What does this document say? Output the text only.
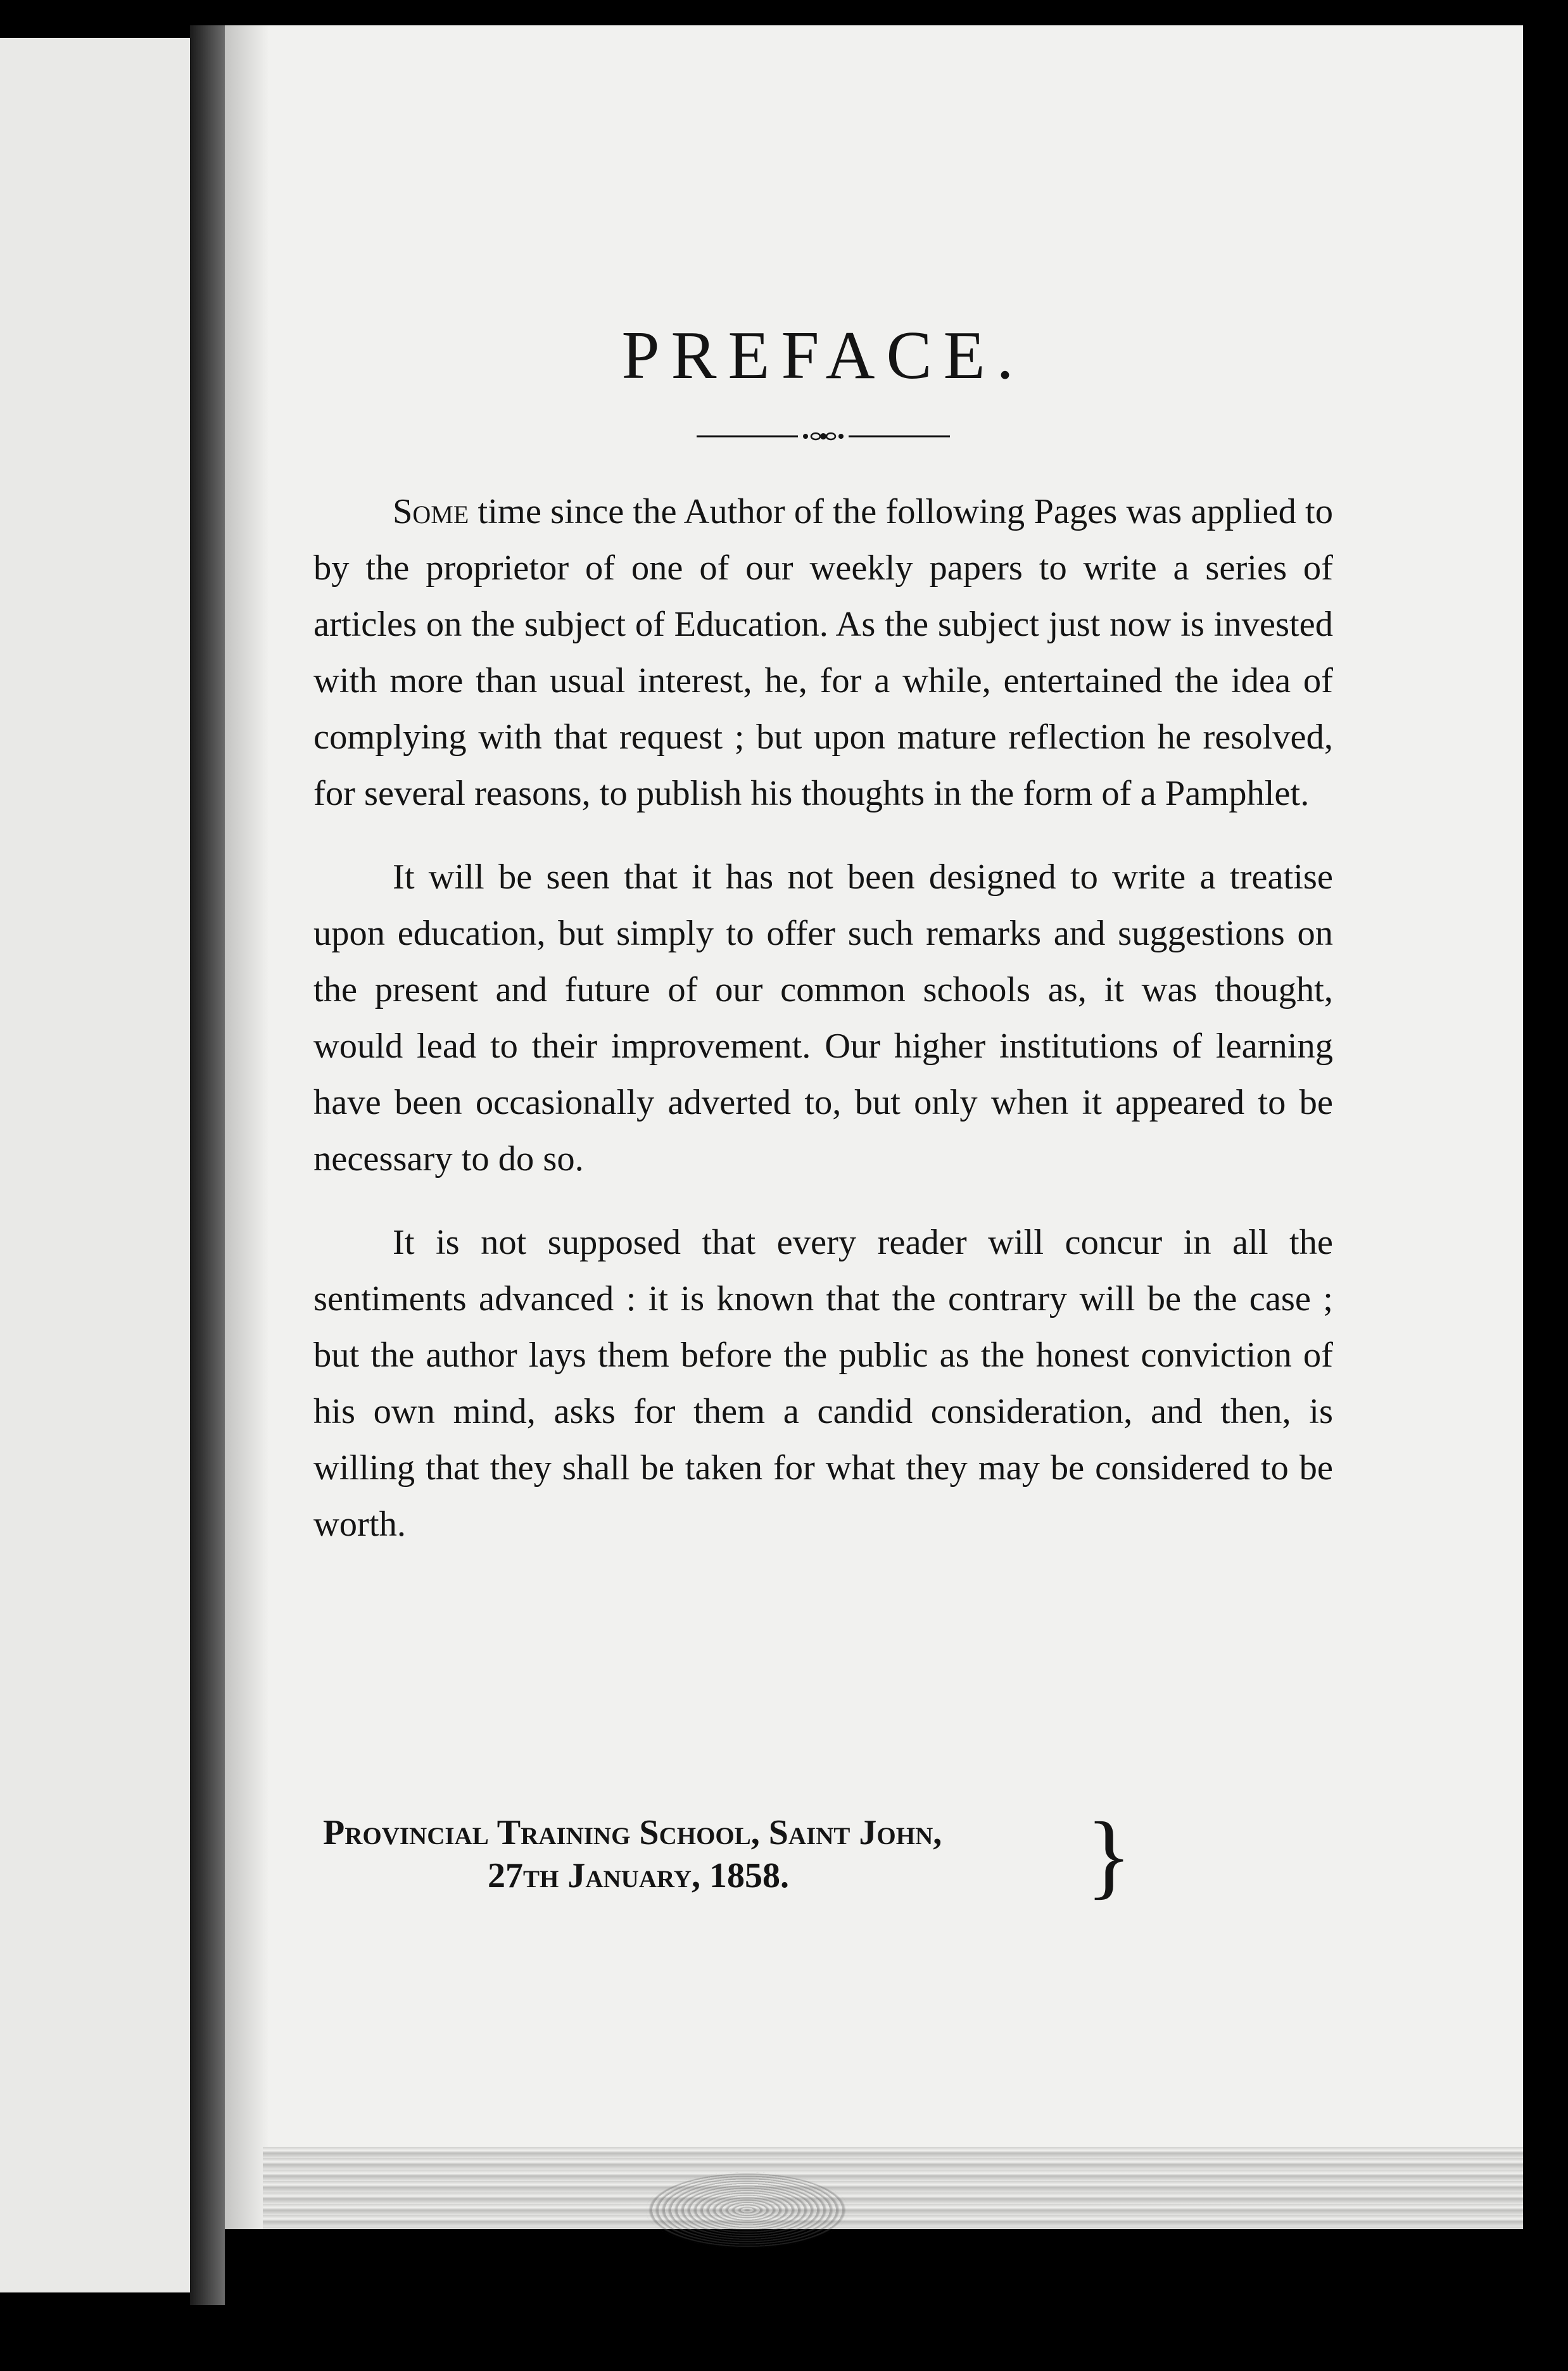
PREFACE.

Some time since the Author of the following Pages was applied to by the proprietor of one of our weekly papers to write a series of articles on the subject of Education. As the subject just now is invested with more than usual interest, he, for a while, entertained the idea of complying with that request ; but upon mature reflection he resolved, for several reasons, to publish his thoughts in the form of a Pamphlet.

It will be seen that it has not been designed to write a treatise upon education, but simply to offer such remarks and suggestions on the present and future of our common schools as, it was thought, would lead to their improvement. Our higher institutions of learning have been occasionally adverted to, but only when it appeared to be necessary to do so.

It is not supposed that every reader will concur in all the sentiments advanced : it is known that the contrary will be the case ; but the author lays them before the public as the honest conviction of his own mind, asks for them a candid consideration, and then, is willing that they shall be taken for what they may be considered to be worth.

Provincial Training School, Saint John,
27th January, 1858.	}
